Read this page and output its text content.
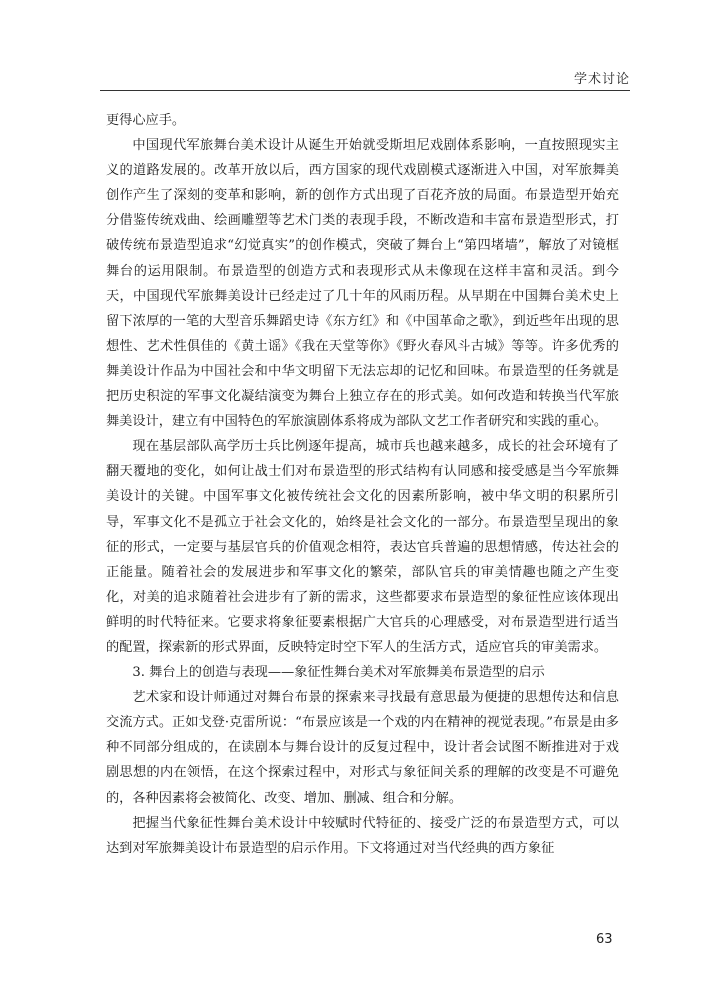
学术讨论

更得心应手。

中国现代军旅舞台美术设计从诞生开始就受斯坦尼戏剧体系影响，一直按照现实主义的道路发展的。改革开放以后，西方国家的现代戏剧模式逐渐进入中国，对军旅舞美创作产生了深刻的变革和影响，新的创作方式出现了百花齐放的局面。布景造型开始充分借鉴传统戏曲、绘画雕塑等艺术门类的表现手段，不断改造和丰富布景造型形式，打破传统布景造型追求“幻觉真实”的创作模式，突破了舞台上“第四堵墙”，解放了对镜框舞台的运用限制。布景造型的创造方式和表现形式从未像现在这样丰富和灵活。到今天，中国现代军旅舞美设计已经走过了几十年的风雨历程。从早期在中国舞台美术史上留下浓厚的一笔的大型音乐舞蹈史诗《东方红》和《中国革命之歌》，到近些年出现的思想性、艺术性俱佳的《黄土谣》《我在天堂等你》《野火春风斗古城》等等。许多优秀的舞美设计作品为中国社会和中华文明留下无法忘却的记忆和回味。布景造型的任务就是把历史积淀的军事文化凝结演变为舞台上独立存在的形式美。如何改造和转换当代军旅舞美设计，建立有中国特色的军旅演剧体系将成为部队文艺工作者研究和实践的重心。

现在基层部队高学历士兵比例逐年提高，城市兵也越来越多，成长的社会环境有了翻天覆地的变化，如何让战士们对布景造型的形式结构有认同感和接受感是当今军旅舞美设计的关键。中国军事文化被传统社会文化的因素所影响，被中华文明的积累所引导，军事文化不是孤立于社会文化的，始终是社会文化的一部分。布景造型呈现出的象征的形式，一定要与基层官兵的价值观念相符，表达官兵普遍的思想情感，传达社会的正能量。随着社会的发展进步和军事文化的繁荣，部队官兵的审美情趣也随之产生变化，对美的追求随着社会进步有了新的需求，这些都要求布景造型的象征性应该体现出鲜明的时代特征来。它要求将象征要素根据广大官兵的心理感受，对布景造型进行适当的配置，探索新的形式界面，反映特定时空下军人的生活方式，适应官兵的审美需求。

3. 舞台上的创造与表现——象征性舞台美术对军旅舞美布景造型的启示

艺术家和设计师通过对舞台布景的探索来寻找最有意思最为便捷的思想传达和信息交流方式。正如戈登·克雷所说：“布景应该是一个戏的内在精神的视觉表现。”布景是由多种不同部分组成的，在读剧本与舞台设计的反复过程中，设计者会试图不断推进对于戏剧思想的内在领悟，在这个探索过程中，对形式与象征间关系的理解的改变是不可避免的，各种因素将会被简化、改变、增加、删减、组合和分解。

把握当代象征性舞台美术设计中较赋时代特征的、接受广泛的布景造型方式，可以达到对军旅舞美设计布景造型的启示作用。下文将通过对当代经典的西方象征

63
